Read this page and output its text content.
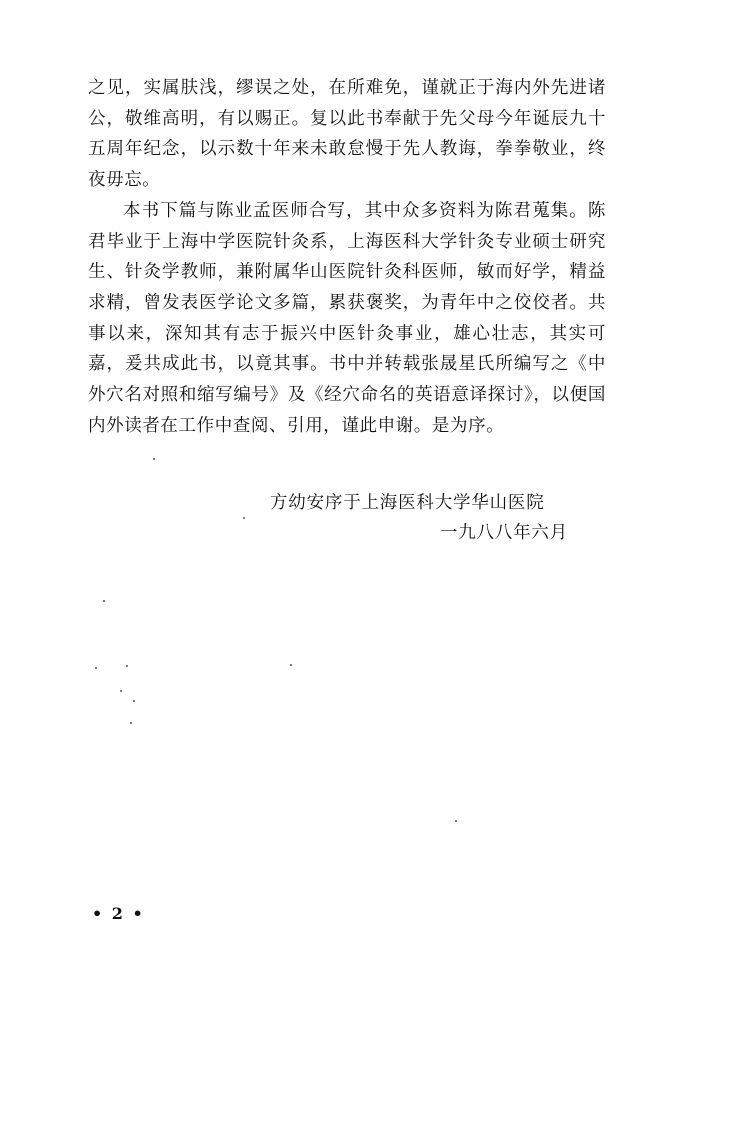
之见，实属肤浅，缪误之处，在所难免，谨就正于海内外先进诸公，敬维高明，有以赐正。复以此书奉献于先父母今年诞辰九十五周年纪念，以示数十年来未敢怠慢于先人教诲，拳拳敬业，终夜毋忘。

本书下篇与陈业孟医师合写，其中众多资料为陈君蒐集。陈君毕业于上海中学医院针灸系，上海医科大学针灸专业硕士研究生、针灸学教师，兼附属华山医院针灸科医师，敏而好学，精益求精，曾发表医学论文多篇，累获褒奖，为青年中之佼佼者。共事以来，深知其有志于振兴中医针灸事业，雄心壮志，其实可嘉，爰共成此书，以竟其事。书中并转载张晟星氏所编写之《中外穴名对照和缩写编号》及《经穴命名的英语意译探讨》，以便国内外读者在工作中查阅、引用，谨此申谢。是为序。

方幼安序于上海医科大学华山医院
一九八八年六月
• 2 •
